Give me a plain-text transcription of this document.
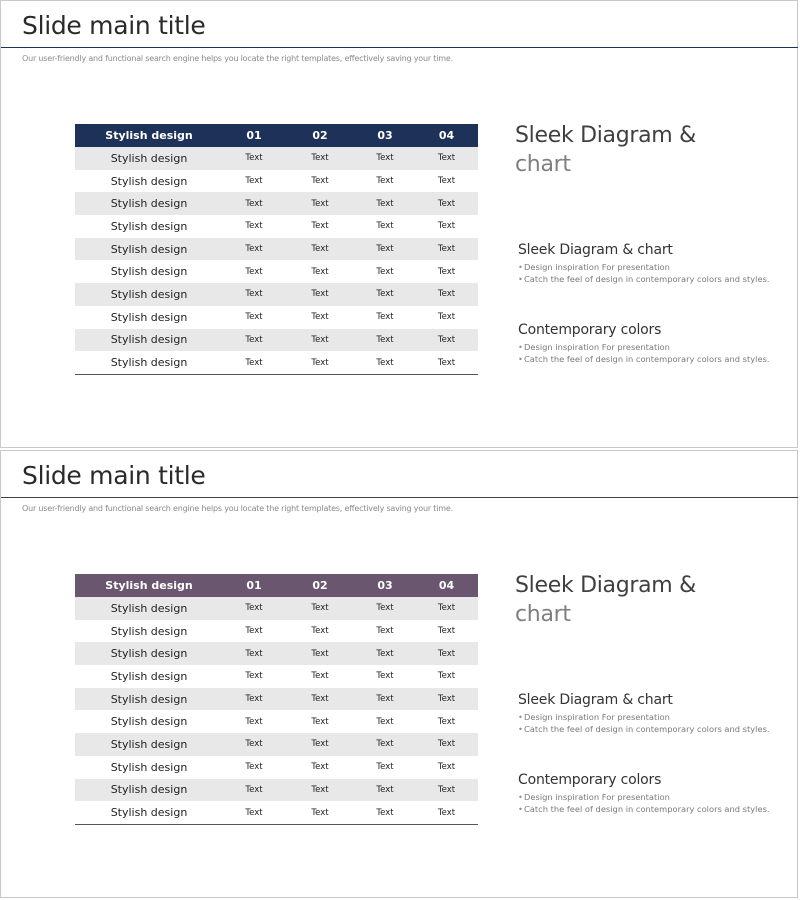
Slide main title
Our user-friendly and functional search engine helps you locate the right templates, effectively saving your time.
Stylish design	01	02	03	04
Stylish design	Text	Text	Text	Text
Stylish design	Text	Text	Text	Text
Stylish design	Text	Text	Text	Text
Stylish design	Text	Text	Text	Text
Stylish design	Text	Text	Text	Text
Stylish design	Text	Text	Text	Text
Stylish design	Text	Text	Text	Text
Stylish design	Text	Text	Text	Text
Stylish design	Text	Text	Text	Text
Stylish design	Text	Text	Text	Text
Sleek Diagram &
chart
Sleek Diagram & chart
• Design inspiration For presentation
• Catch the feel of design in contemporary colors and styles.
Contemporary colors
• Design inspiration For presentation
• Catch the feel of design in contemporary colors and styles.
Slide main title
Our user-friendly and functional search engine helps you locate the right templates, effectively saving your time.
Stylish design	01	02	03	04
Stylish design	Text	Text	Text	Text
Stylish design	Text	Text	Text	Text
Stylish design	Text	Text	Text	Text
Stylish design	Text	Text	Text	Text
Stylish design	Text	Text	Text	Text
Stylish design	Text	Text	Text	Text
Stylish design	Text	Text	Text	Text
Stylish design	Text	Text	Text	Text
Stylish design	Text	Text	Text	Text
Stylish design	Text	Text	Text	Text
Sleek Diagram &
chart
Sleek Diagram & chart
• Design inspiration For presentation
• Catch the feel of design in contemporary colors and styles.
Contemporary colors
• Design inspiration For presentation
• Catch the feel of design in contemporary colors and styles.
